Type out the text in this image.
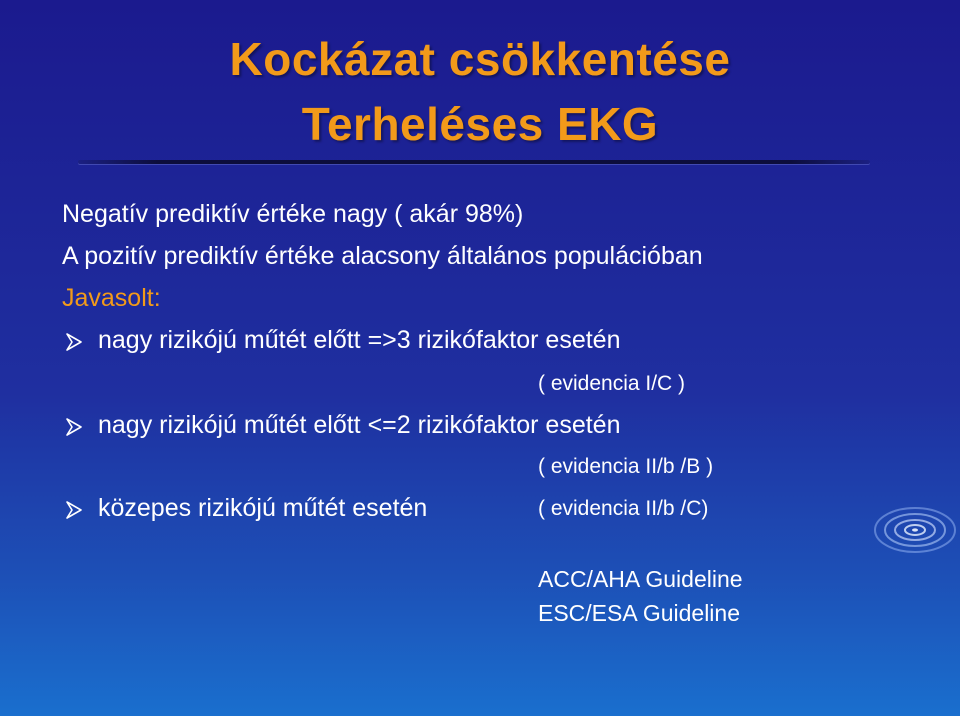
Kockázat csökkentése
Terheléses EKG
Negatív prediktív értéke nagy ( akár 98%)
A pozitív prediktív értéke alacsony általános populációban
Javasolt:
nagy rizikójú műtét előtt =>3 rizikófaktor esetén
( evidencia I/C )
nagy rizikójú műtét előtt <=2 rizikófaktor esetén
( evidencia II/b /B )
közepes rizikójú műtét esetén	( evidencia II/b /C)
ACC/AHA Guideline
ESC/ESA Guideline
